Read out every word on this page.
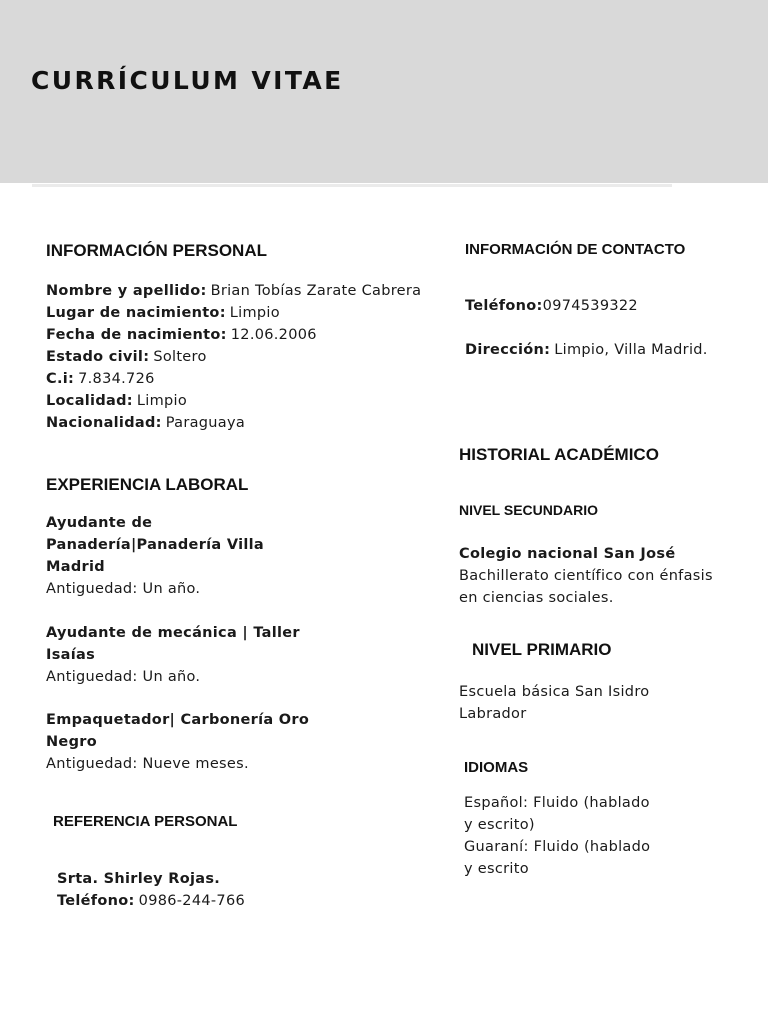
CURRÍCULUM VITAE
INFORMACIÓN PERSONAL
Nombre y apellido: Brian Tobías Zarate Cabrera
Lugar de nacimiento: Limpio
Fecha de nacimiento: 12.06.2006
Estado civil: Soltero
C.i: 7.834.726
Localidad: Limpio
Nacionalidad: Paraguaya
EXPERIENCIA LABORAL
Ayudante de
Panadería|Panadería Villa
Madrid
Antiguedad: Un año.
Ayudante de mecánica | Taller
Isaías
Antiguedad: Un año.
Empaquetador| Carbonería Oro
Negro
Antiguedad: Nueve meses.
REFERENCIA PERSONAL
Srta. Shirley Rojas.
Teléfono: 0986-244-766
INFORMACIÓN DE CONTACTO
Teléfono:0974539322
Dirección: Limpio, Villa Madrid.
HISTORIAL ACADÉMICO
NIVEL SECUNDARIO
Colegio nacional San José
Bachillerato científico con énfasis
en ciencias sociales.
NIVEL PRIMARIO
Escuela básica San Isidro
Labrador
IDIOMAS
Español: Fluido (hablado
y escrito)
Guaraní: Fluido (hablado
y escrito
